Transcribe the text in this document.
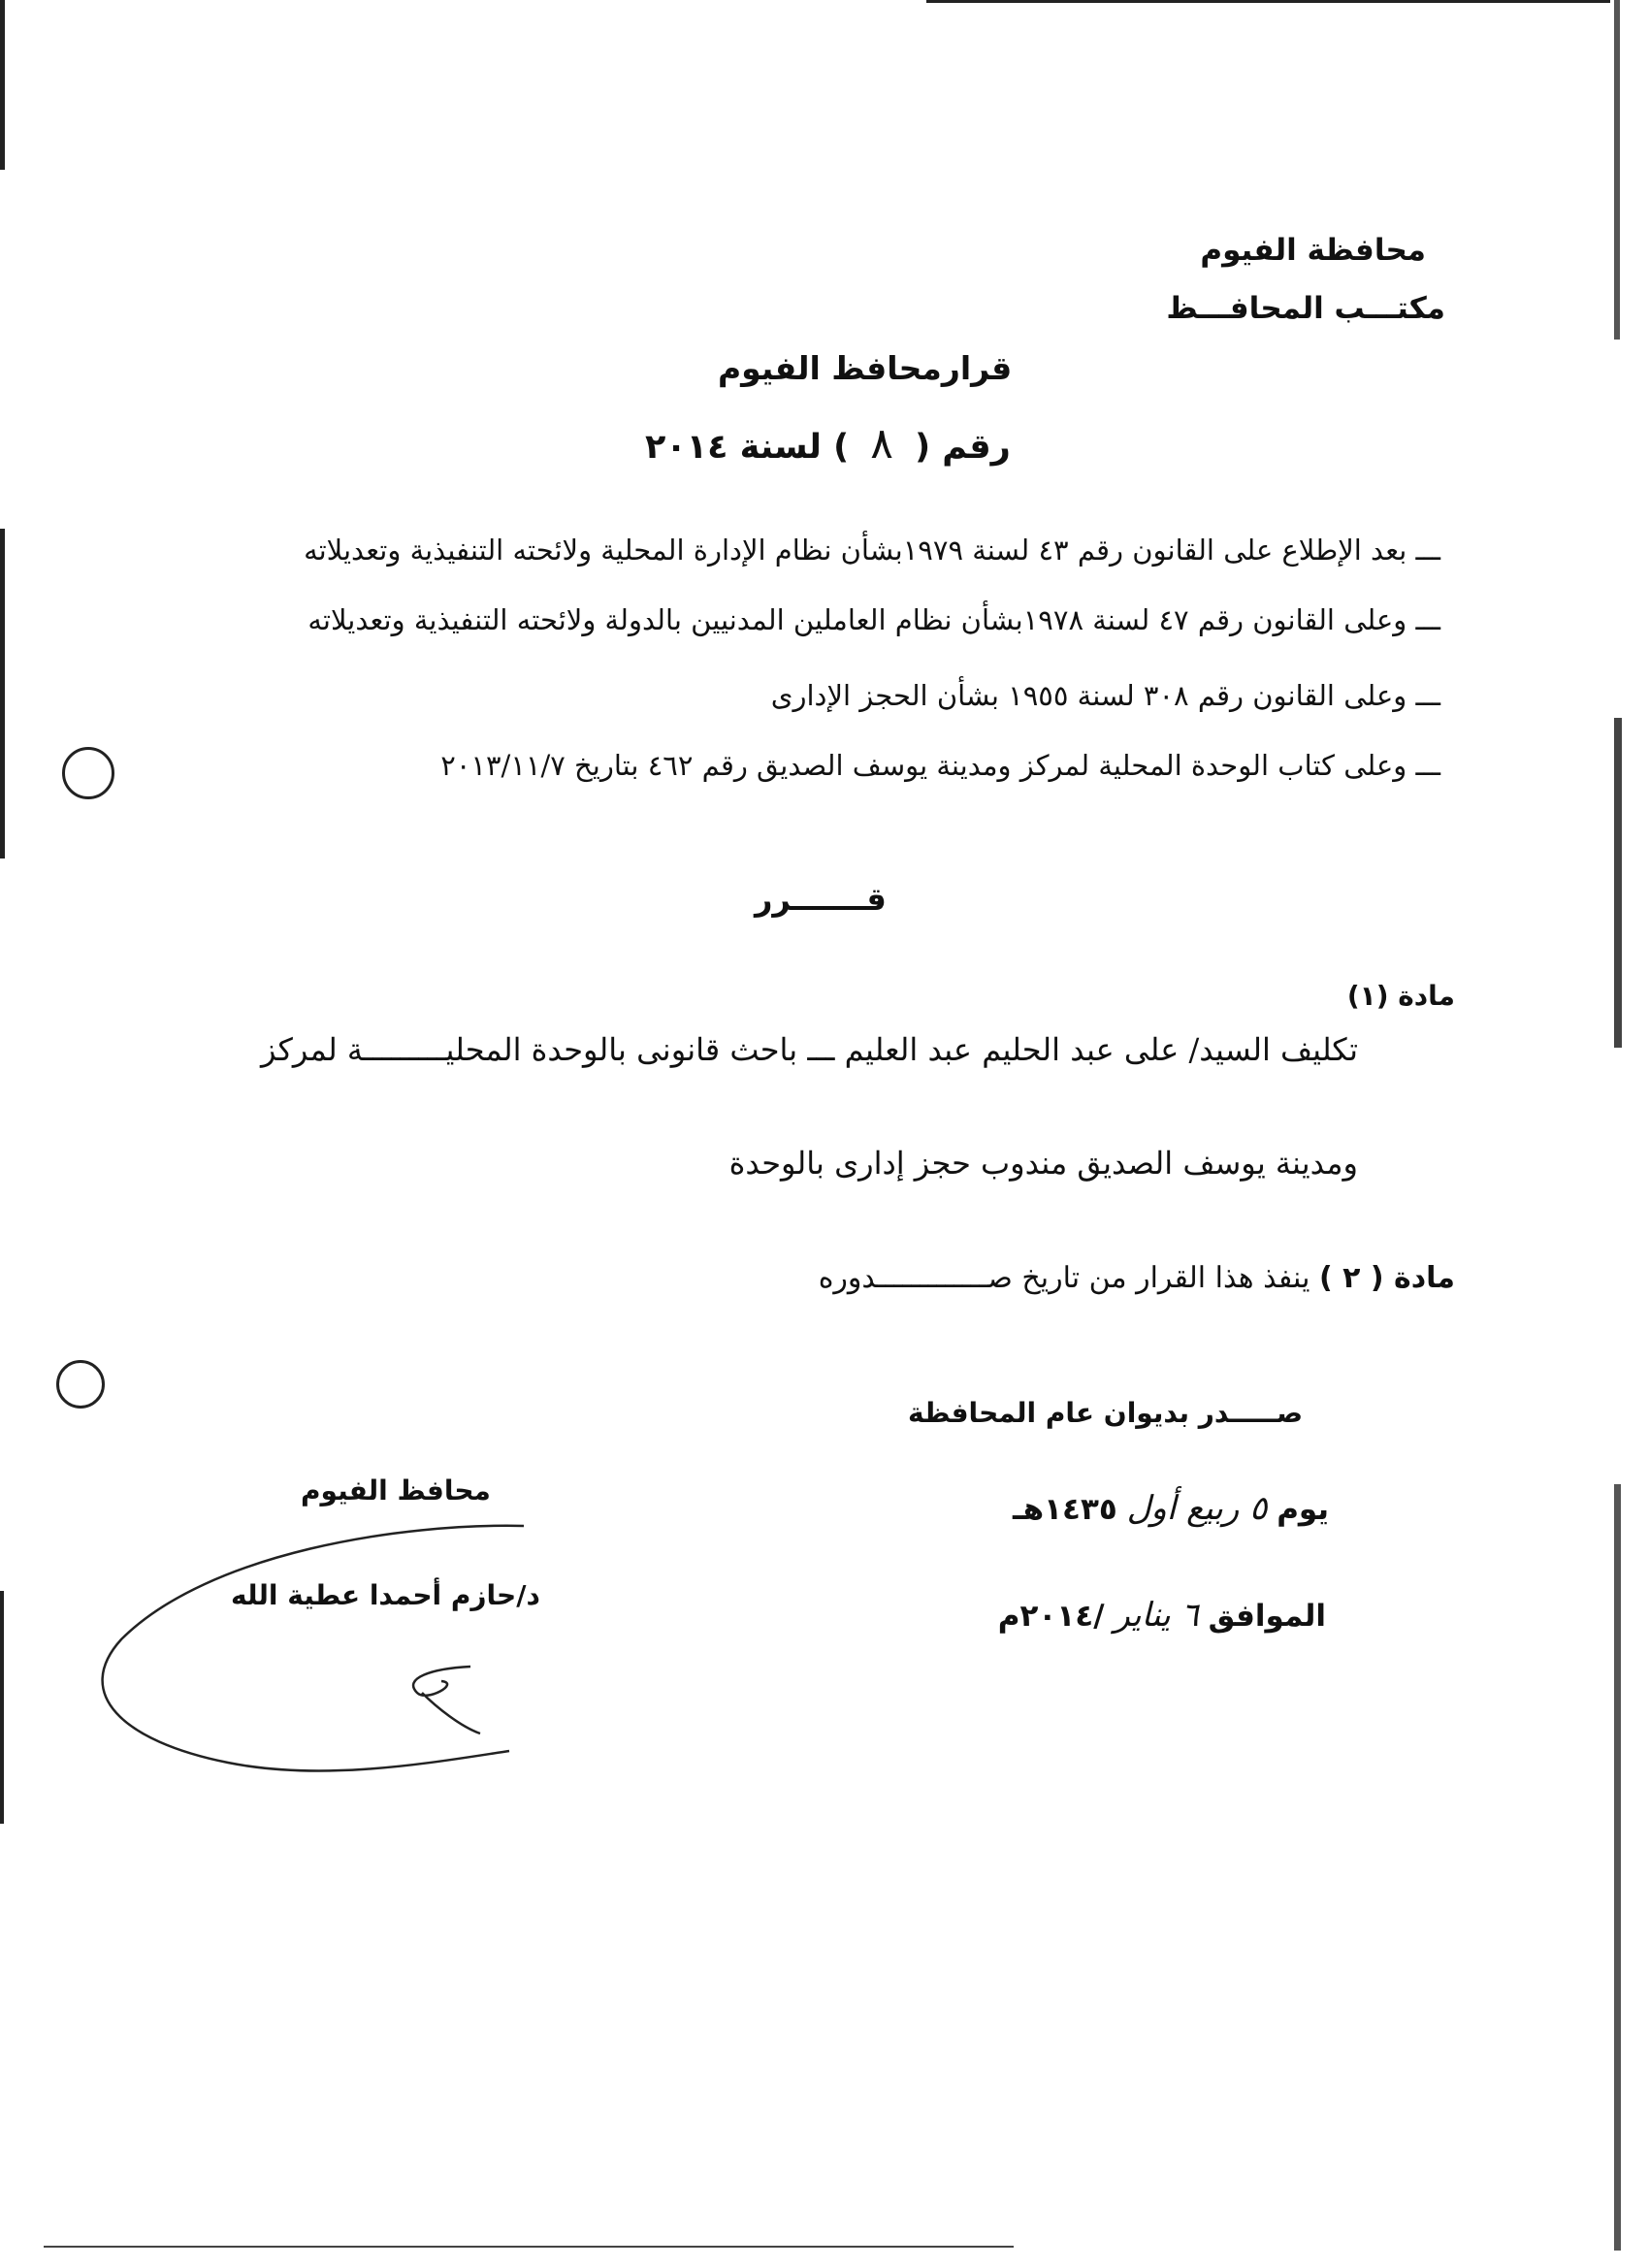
محافظة الفيوم
مكتـــب المحافـــظ
قرارمحافظ الفيوم
رقم ( ٨ ) لسنة ٢٠١٤
ـــ بعد الإطلاع على القانون رقم ٤٣ لسنة ١٩٧٩بشأن نظام الإدارة المحلية ولائحته التنفيذية وتعديلاته
ـــ وعلى القانون رقم ٤٧ لسنة ١٩٧٨بشأن نظام العاملين المدنيين بالدولة ولائحته التنفيذية وتعديلاته
ـــ وعلى القانون رقم ٣٠٨ لسنة ١٩٥٥ بشأن الحجز الإدارى
ـــ وعلى كتاب الوحدة المحلية لمركز ومدينة يوسف الصديق رقم ٤٦٢ بتاريخ ٢٠١٣/١١/٧
قـــــــرر
مادة (١)
تكليف السيد/ على عبد الحليم عبد العليم ـــ باحث قانونى بالوحدة المحليـــــــــة لمركز
ومدينة يوسف الصديق مندوب حجز إدارى بالوحدة
مادة ( ٢ ) ينفذ هذا القرار من تاريخ صـــــــــــــدوره
صـــــدر بديوان عام المحافظة
يوم ٥ ربيع أول ١٤٣٥هـ
الموافق ٦ يناير /٢٠١٤م
محافظ الفيوم
د/حازم أحمدا عطية الله
